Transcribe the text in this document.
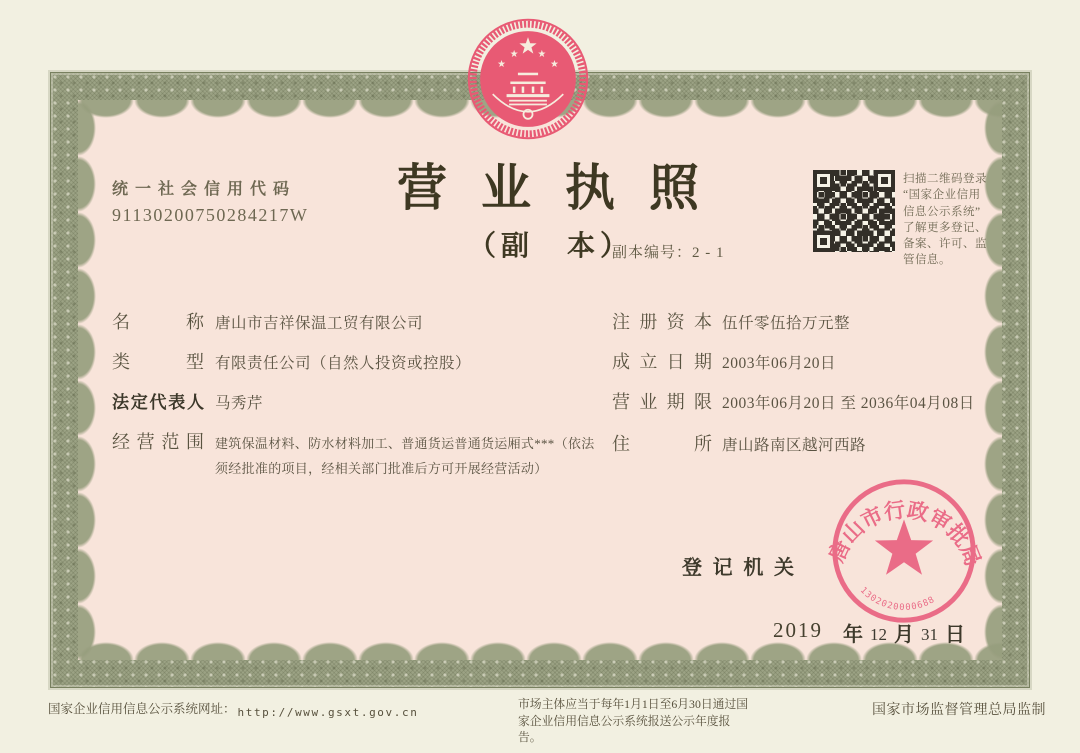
统一社会信用代码
91130200750284217W 营业执照
（副　本）
副本编号：2 - 1
扫描二维码登录
“国家企业信用
信息公示系统”
了解更多登记、
备案、许可、监
管信息。
名称 唐山市吉祥保温工贸有限公司
类型 有限责任公司（自然人投资或控股）
法定代表人 马秀芹
经营范围 建筑保温材料、防水材料加工、普通货运普通货运厢式***（依法须经批准的项目，经相关部门批准后方可开展经营活动）
注册资本 伍仟零伍拾万元整
成立日期 2003年06月20日
营业期限 2003年06月20日 至 2036年04月08日
住所 唐山路南区越河西路
登记机关
2019 年 12 月 31 日
唐山市行政审批局
1302020000688
国家企业信用信息公示系统网址： http://www.gsxt.gov.cn
市场主体应当于每年1月1日至6月30日通过国家企业信用信息公示系统报送公示年度报告。
国家市场监督管理总局监制
